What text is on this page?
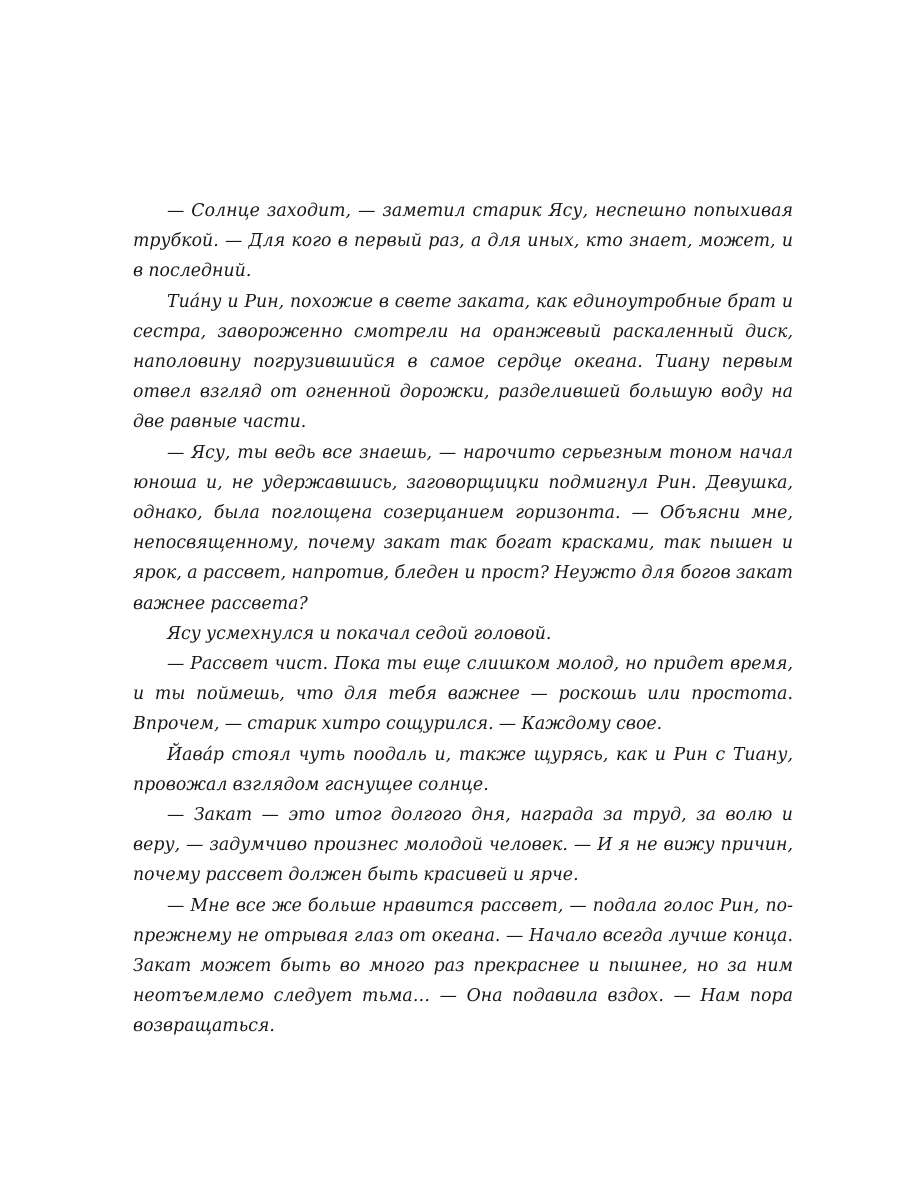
— Солнце заходит, — заметил старик Ясу, неспешно попыхивая трубкой. — Для кого в первый раз, а для иных, кто знает, может, и в последний.

Тиа́ну и Рин, похожие в свете заката, как единоутробные брат и сестра, завороженно смотрели на оранжевый раскаленный диск, наполовину погрузившийся в самое сердце океана. Тиану первым отвел взгляд от огненной дорожки, разделившей большую воду на две равные части.

— Ясу, ты ведь все знаешь, — нарочито серьезным тоном начал юноша и, не удержавшись, заговорщицки подмигнул Рин. Девушка, однако, была поглощена созерцанием горизонта. — Объясни мне, непосвященному, почему закат так богат красками, так пышен и ярок, а рассвет, напротив, бледен и прост? Неужто для богов закат важнее рассвета?

Ясу усмехнулся и покачал седой головой.

— Рассвет чист. Пока ты еще слишком молод, но придет время, и ты поймешь, что для тебя важнее — роскошь или простота. Впрочем, — старик хитро сощурился. — Каждому свое.

Йава́р стоял чуть поодаль и, также щурясь, как и Рин с Тиану, провожал взглядом гаснущее солнце.

— Закат — это итог долгого дня, награда за труд, за волю и веру, — задумчиво произнес молодой человек. — И я не вижу причин, почему рассвет должен быть красивей и ярче.

— Мне все же больше нравится рассвет, — подала голос Рин, по-прежнему не отрывая глаз от океана. — Начало всегда лучше конца. Закат может быть во много раз прекраснее и пышнее, но за ним неотъемлемо следует тьма… — Она подавила вздох. — Нам пора возвращаться.
